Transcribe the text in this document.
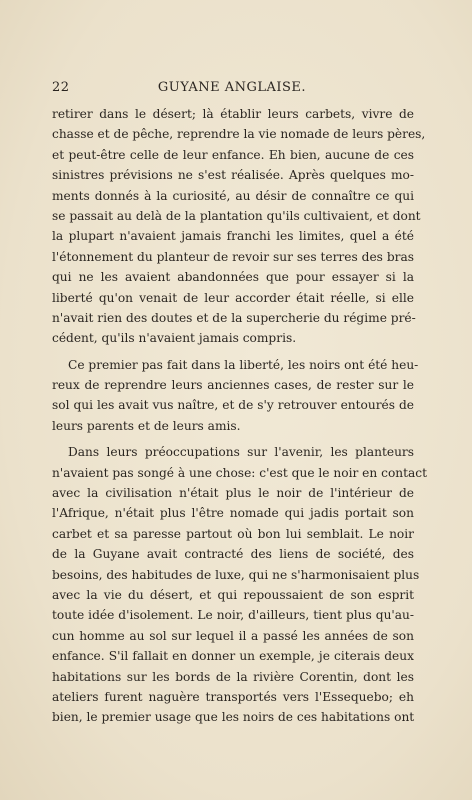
22	GUYANE ANGLAISE.
retirer dans le désert; là établir leurs carbets, vivre de
chasse et de pêche, reprendre la vie nomade de leurs pères,
et peut-être celle de leur enfance. Eh bien, aucune de ces
sinistres prévisions ne s'est réalisée. Après quelques mo-
ments donnés à la curiosité, au désir de connaître ce qui
se passait au delà de la plantation qu'ils cultivaient, et dont
la plupart n'avaient jamais franchi les limites, quel a été
l'étonnement du planteur de revoir sur ses terres des bras
qui ne les avaient abandonnées que pour essayer si la
liberté qu'on venait de leur accorder était réelle, si elle
n'avait rien des doutes et de la supercherie du régime pré-
cédent, qu'ils n'avaient jamais compris.
Ce premier pas fait dans la liberté, les noirs ont été heu-
reux de reprendre leurs anciennes cases, de rester sur le
sol qui les avait vus naître, et de s'y retrouver entourés de
leurs parents et de leurs amis.
Dans leurs préoccupations sur l'avenir, les planteurs
n'avaient pas songé à une chose: c'est que le noir en contact
avec la civilisation n'était plus le noir de l'intérieur de
l'Afrique, n'était plus l'être nomade qui jadis portait son
carbet et sa paresse partout où bon lui semblait. Le noir
de la Guyane avait contracté des liens de société, des
besoins, des habitudes de luxe, qui ne s'harmonisaient plus
avec la vie du désert, et qui repoussaient de son esprit
toute idée d'isolement. Le noir, d'ailleurs, tient plus qu'au-
cun homme au sol sur lequel il a passé les années de son
enfance. S'il fallait en donner un exemple, je citerais deux
habitations sur les bords de la rivière Corentin, dont les
ateliers furent naguère transportés vers l'Essequebo; eh
bien, le premier usage que les noirs de ces habitations ont
